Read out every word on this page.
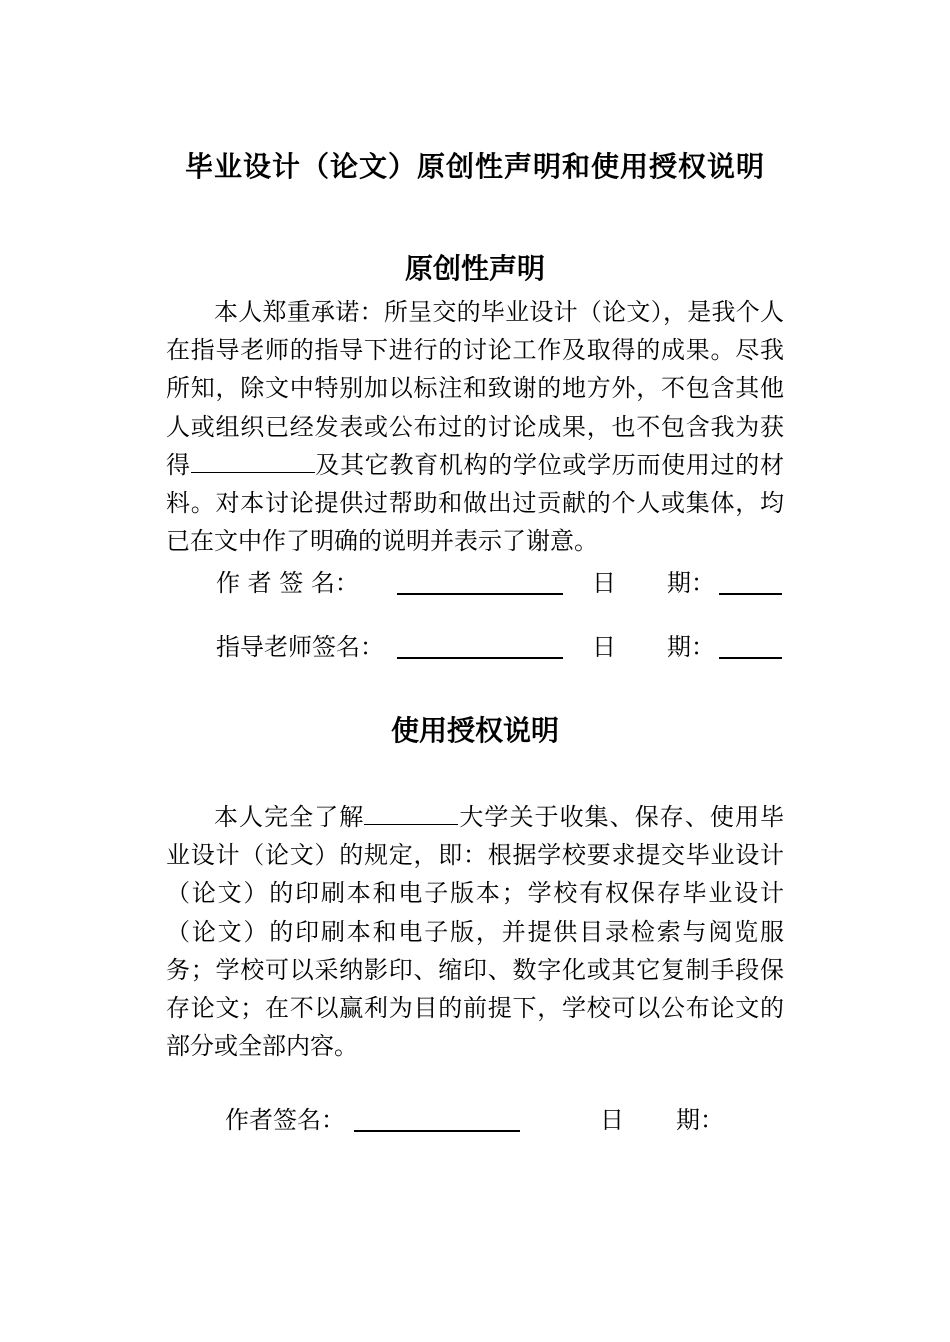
毕业设计（论文）原创性声明和使用授权说明
原创性声明

本人郑重承诺：所呈交的毕业设计（论文），是我个人在指导老师的指导下进行的讨论工作及取得的成果。尽我所知，除文中特别加以标注和致谢的地方外，不包含其他人或组织已经发表或公布过的讨论成果，也不包含我为获得	及其它教育机构的学位或学历而使用过的材料。对本讨论提供过帮助和做出过贡献的个人或集体，均已在文中作了明确的说明并表示了谢意。

作 者 签 名：	日 期：
指导老师签名：	日 期：
使用授权说明

本人完全了解	大学关于收集、保存、使用毕业设计（论文）的规定，即：根据学校要求提交毕业设计（论文）的印刷本和电子版本；学校有权保存毕业设计（论文）的印刷本和电子版，并提供目录检索与阅览服务；学校可以采纳影印、缩印、数字化或其它复制手段保存论文；在不以赢利为目的前提下，学校可以公布论文的部分或全部内容。

作者签名：	日 期：
